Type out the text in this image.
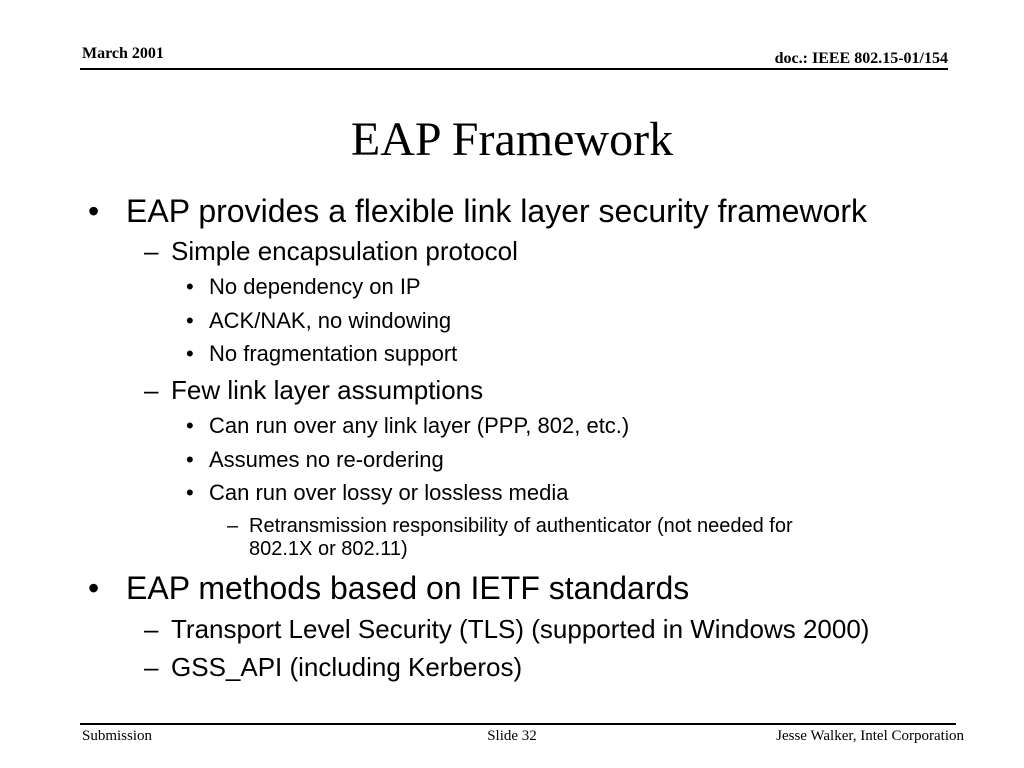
March 2001	doc.: IEEE 802.15-01/154
EAP Framework
• EAP provides a flexible link layer security framework
– Simple encapsulation protocol
• No dependency on IP
• ACK/NAK, no windowing
• No fragmentation support
– Few link layer assumptions
• Can run over any link layer (PPP, 802, etc.)
• Assumes no re-ordering
• Can run over lossy or lossless media
– Retransmission responsibility of authenticator (not needed for
802.1X or 802.11)
• EAP methods based on IETF standards
– Transport Level Security (TLS) (supported in Windows 2000)
– GSS_API (including Kerberos)
Submission	Slide 32	Jesse Walker, Intel Corporation
